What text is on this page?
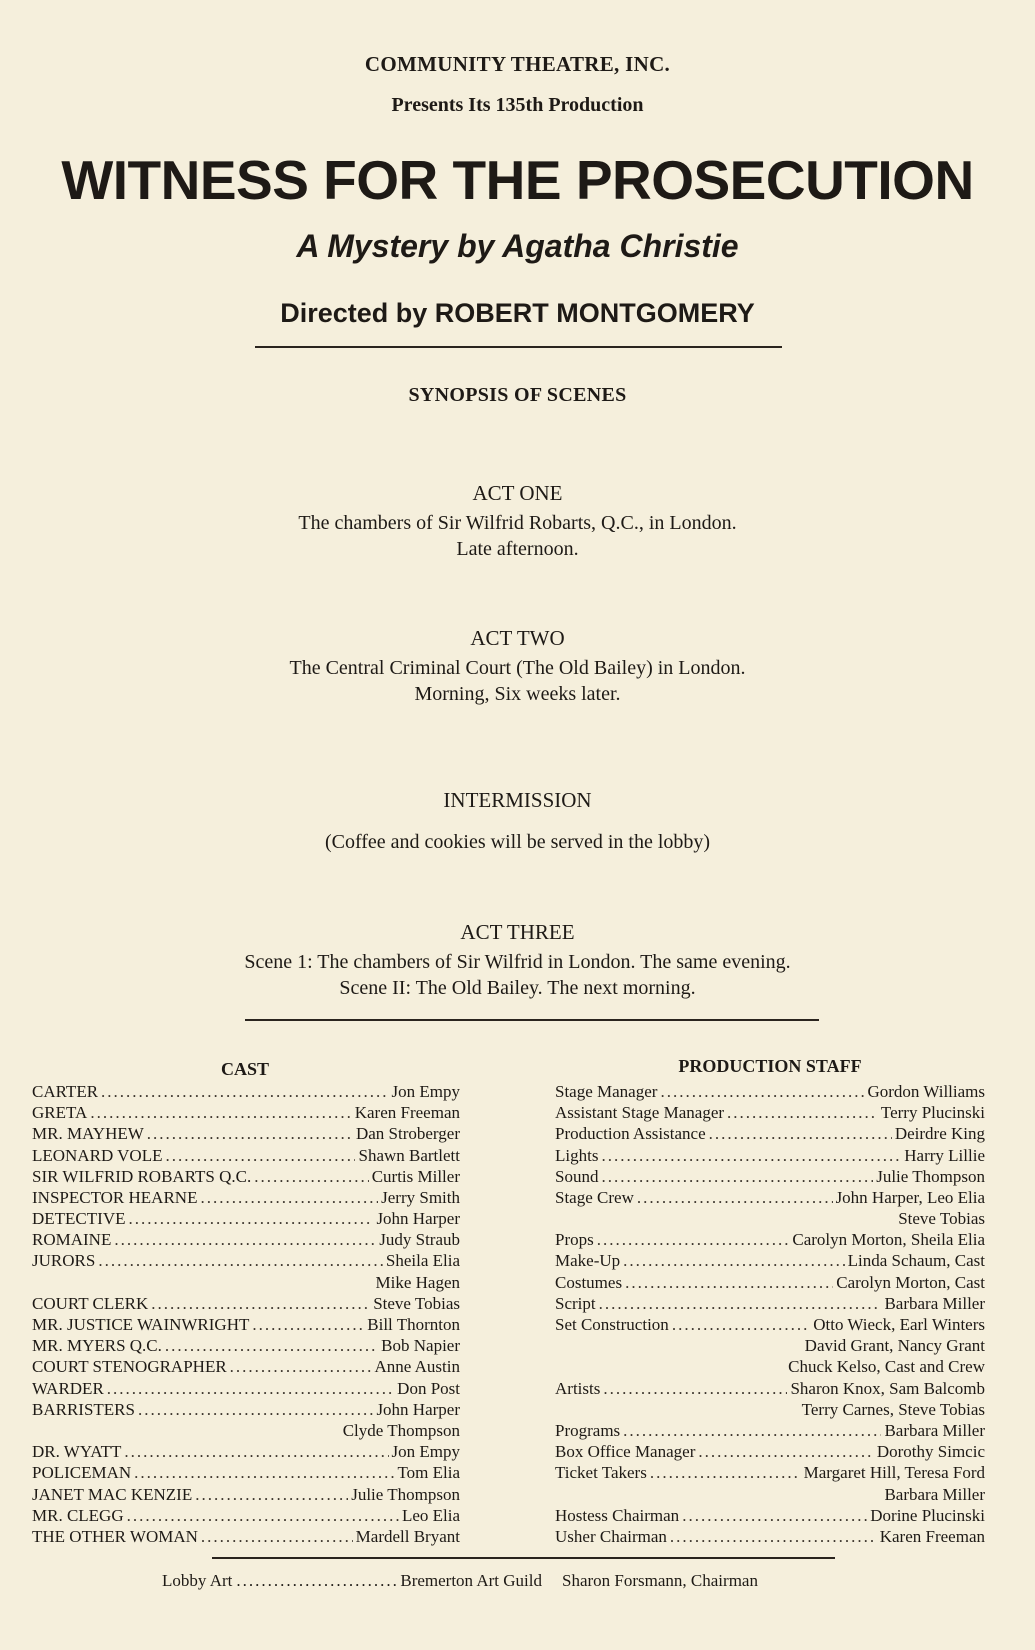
COMMUNITY THEATRE, INC.
Presents Its 135th Production
WITNESS FOR THE PROSECUTION
A Mystery by Agatha Christie
Directed by ROBERT MONTGOMERY
SYNOPSIS OF SCENES
ACT ONE
The chambers of Sir Wilfrid Robarts, Q.C., in London.
Late afternoon.
ACT TWO
The Central Criminal Court (The Old Bailey) in London.
Morning, Six weeks later.
INTERMISSION
(Coffee and cookies will be served in the lobby)
ACT THREE
Scene 1: The chambers of Sir Wilfrid in London. The same evening.
Scene II: The Old Bailey. The next morning.
CAST
CARTER .....	Jon Empy
GRETA .....	Karen Freeman
MR. MAYHEW .....	Dan Stroberger
LEONARD VOLE .....	Shawn Bartlett
SIR WILFRID ROBARTS Q.C. .....	Curtis Miller
INSPECTOR HEARNE .....	Jerry Smith
DETECTIVE .....	John Harper
ROMAINE .....	Judy Straub
JURORS .....	Sheila Elia
Mike Hagen
COURT CLERK .....	Steve Tobias
MR. JUSTICE WAINWRIGHT .....	Bill Thornton
MR. MYERS Q.C. .....	Bob Napier
COURT STENOGRAPHER .....	Anne Austin
WARDER .....	Don Post
BARRISTERS .....	John Harper
Clyde Thompson
DR. WYATT .....	Jon Empy
POLICEMAN .....	Tom Elia
JANET MAC KENZIE .....	Julie Thompson
MR. CLEGG .....	Leo Elia
THE OTHER WOMAN .....	Mardell Bryant
PRODUCTION STAFF
Stage Manager .....	Gordon Williams
Assistant Stage Manager .....	Terry Plucinski
Production Assistance .....	Deirdre King
Lights .....	Harry Lillie
Sound .....	Julie Thompson
Stage Crew .....	John Harper, Leo Elia
Steve Tobias
Props .....	Carolyn Morton, Sheila Elia
Make-Up .....	Linda Schaum, Cast
Costumes .....	Carolyn Morton, Cast
Script .....	Barbara Miller
Set Construction .....	Otto Wieck, Earl Winters
David Grant, Nancy Grant
Chuck Kelso, Cast and Crew
Artists .....	Sharon Knox, Sam Balcomb
Terry Carnes, Steve Tobias
Programs .....	Barbara Miller
Box Office Manager .....	Dorothy Simcic
Ticket Takers .....	Margaret Hill, Teresa Ford
Barbara Miller
Hostess Chairman .....	Dorine Plucinski
Usher Chairman .....	Karen Freeman
Lobby Art .....	Bremerton Art Guild Sharon Forsmann, Chairman
